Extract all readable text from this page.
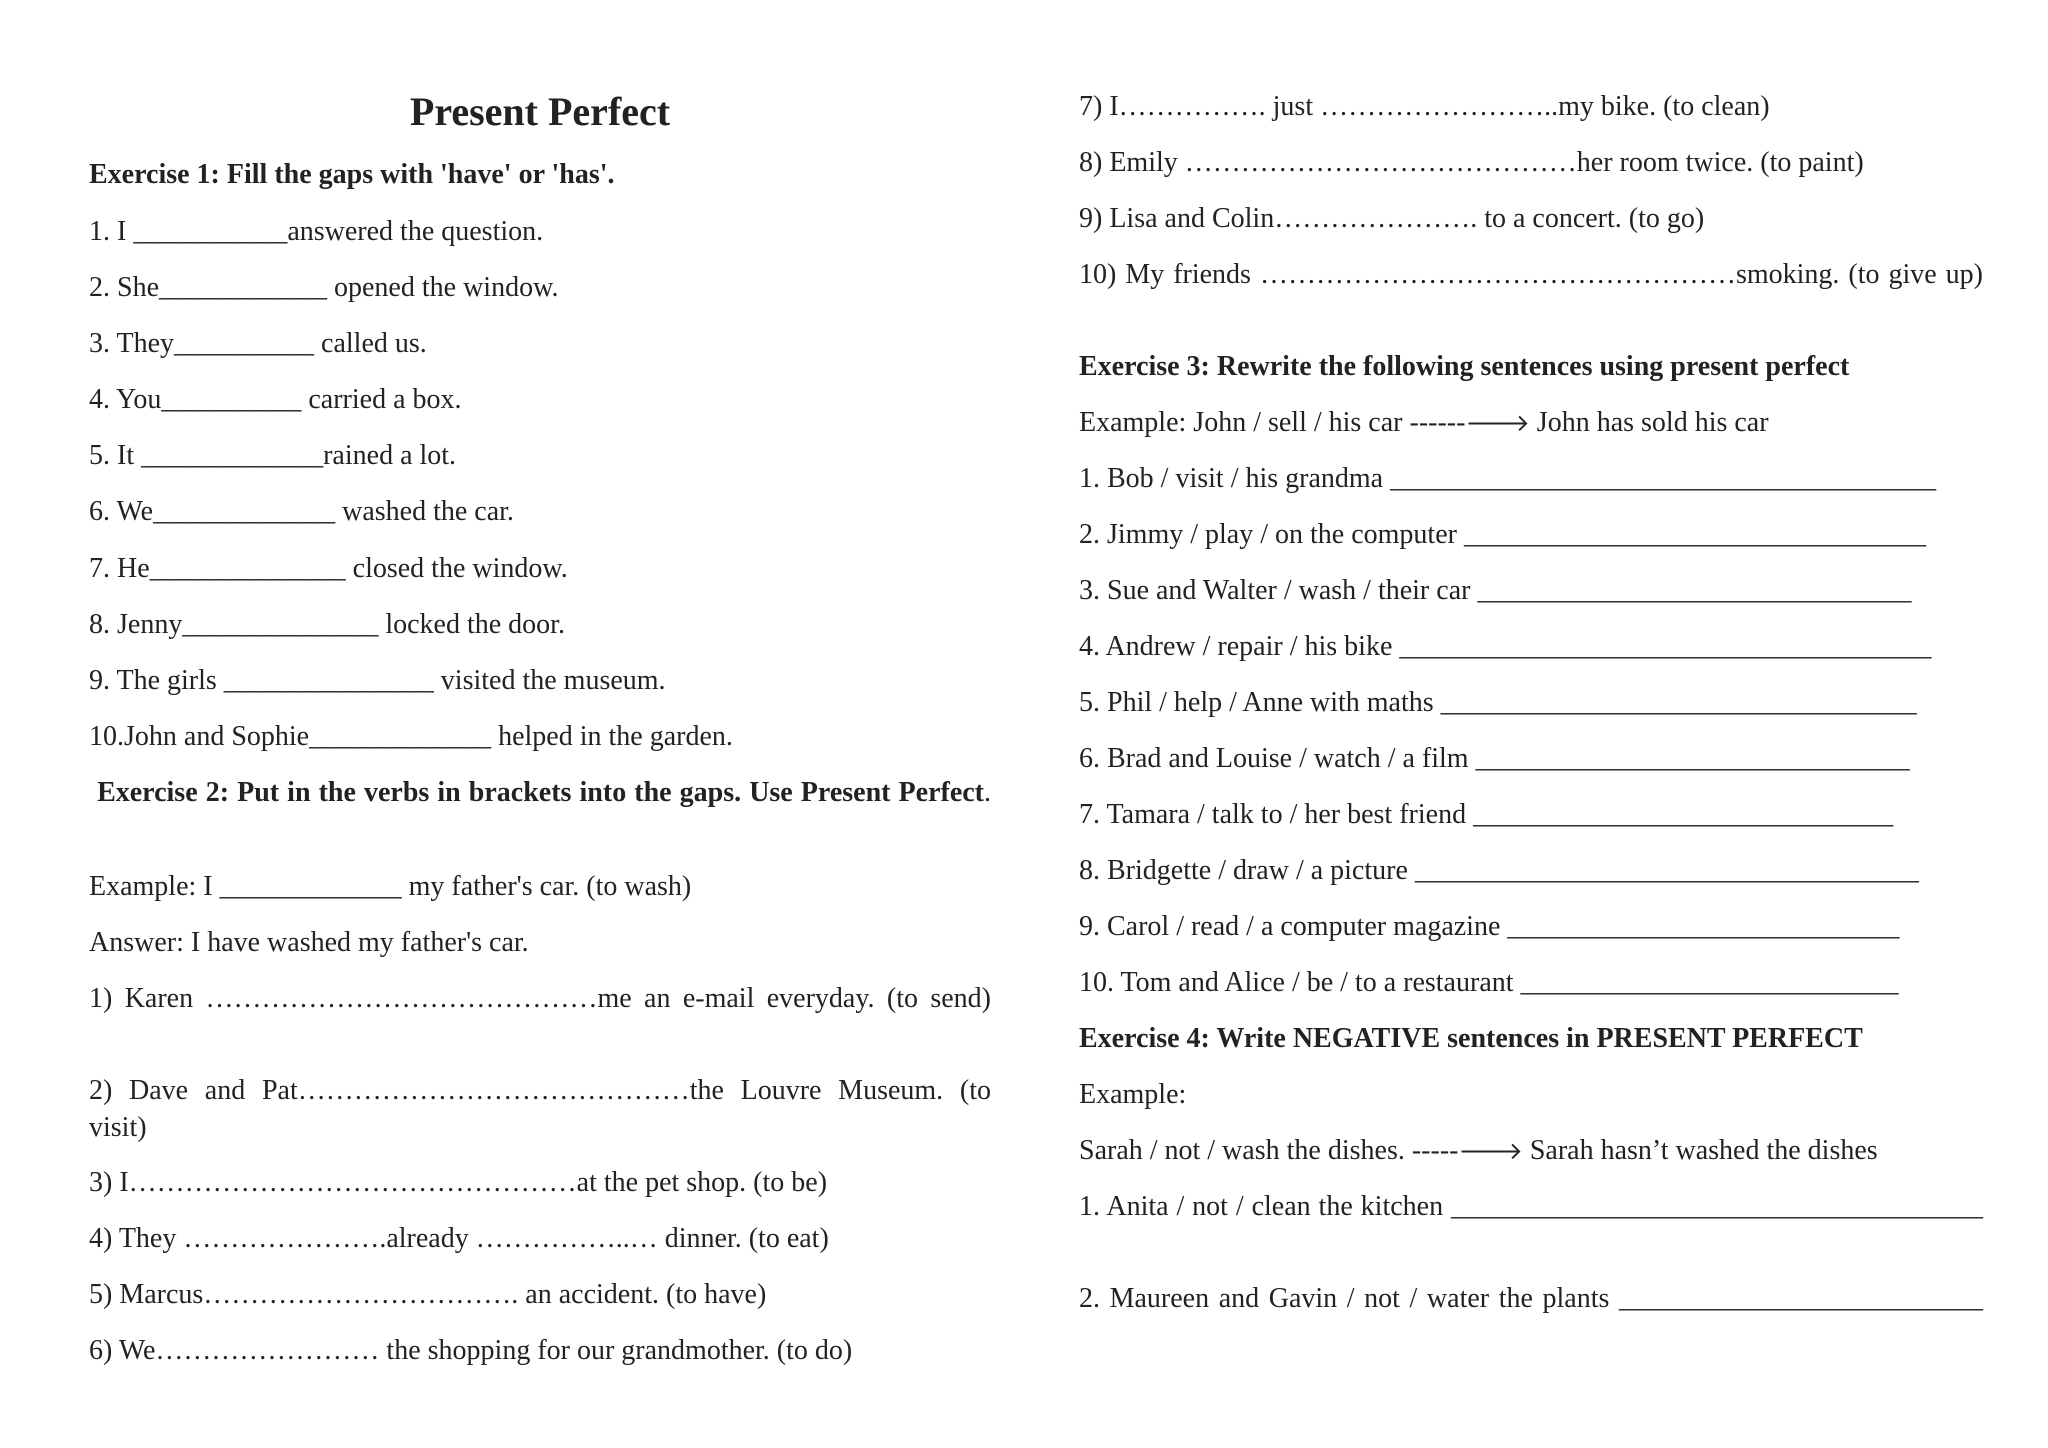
Present Perfect
Exercise 1: Fill the gaps with 'have' or 'has'.
1. I ___________answered the question.
2. She____________ opened the window.
3. They__________ called us.
4. You__________ carried a box.
5. It _____________rained a lot.
6. We_____________ washed the car.
7. He______________ closed the window.
8. Jenny______________ locked the door.
9. The girls _______________ visited the museum.
10.John and Sophie_____________ helped in the garden.
Exercise 2: Put in the verbs in brackets into the gaps. Use Present Perfect.
Example: I _____________ my father's car. (to wash)
Answer: I have washed my father's car.
1) Karen ……………………………………me an e-mail everyday. (to send)
2) Dave and Pat……………………………………the Louvre Museum. (to visit)
3) I…………………………………………at the pet shop. (to be)
4) They ………………….already ……………..… dinner. (to eat)
5) Marcus……………………………. an accident. (to have)
6) We…………………… the shopping for our grandmother. (to do)
7) I……………. just ……………………..my bike. (to clean)
8) Emily ……………………………………her room twice. (to paint)
9) Lisa and Colin…………………. to a concert. (to go)
10) My friends ……………………………………………smoking. (to give up)
Exercise 3: Rewrite the following sentences using present perfect
Example: John / sell / his car ------🡒 John has sold his car
1. Bob / visit / his grandma _______________________________________
2. Jimmy / play / on the computer _________________________________
3. Sue and Walter / wash / their car _______________________________
4. Andrew / repair / his bike ______________________________________
5. Phil / help / Anne with maths __________________________________
6. Brad and Louise / watch / a film _______________________________
7. Tamara / talk to / her best friend ______________________________
8. Bridgette / draw / a picture ____________________________________
9. Carol / read / a computer magazine ____________________________
10. Tom and Alice / be / to a restaurant ___________________________
Exercise 4: Write NEGATIVE sentences in PRESENT PERFECT
Example:
Sarah / not / wash the dishes. -----🡒 Sarah hasn’t washed the dishes
1. Anita / not / clean the kitchen ______________________________________
2. Maureen and Gavin / not / water the plants __________________________
